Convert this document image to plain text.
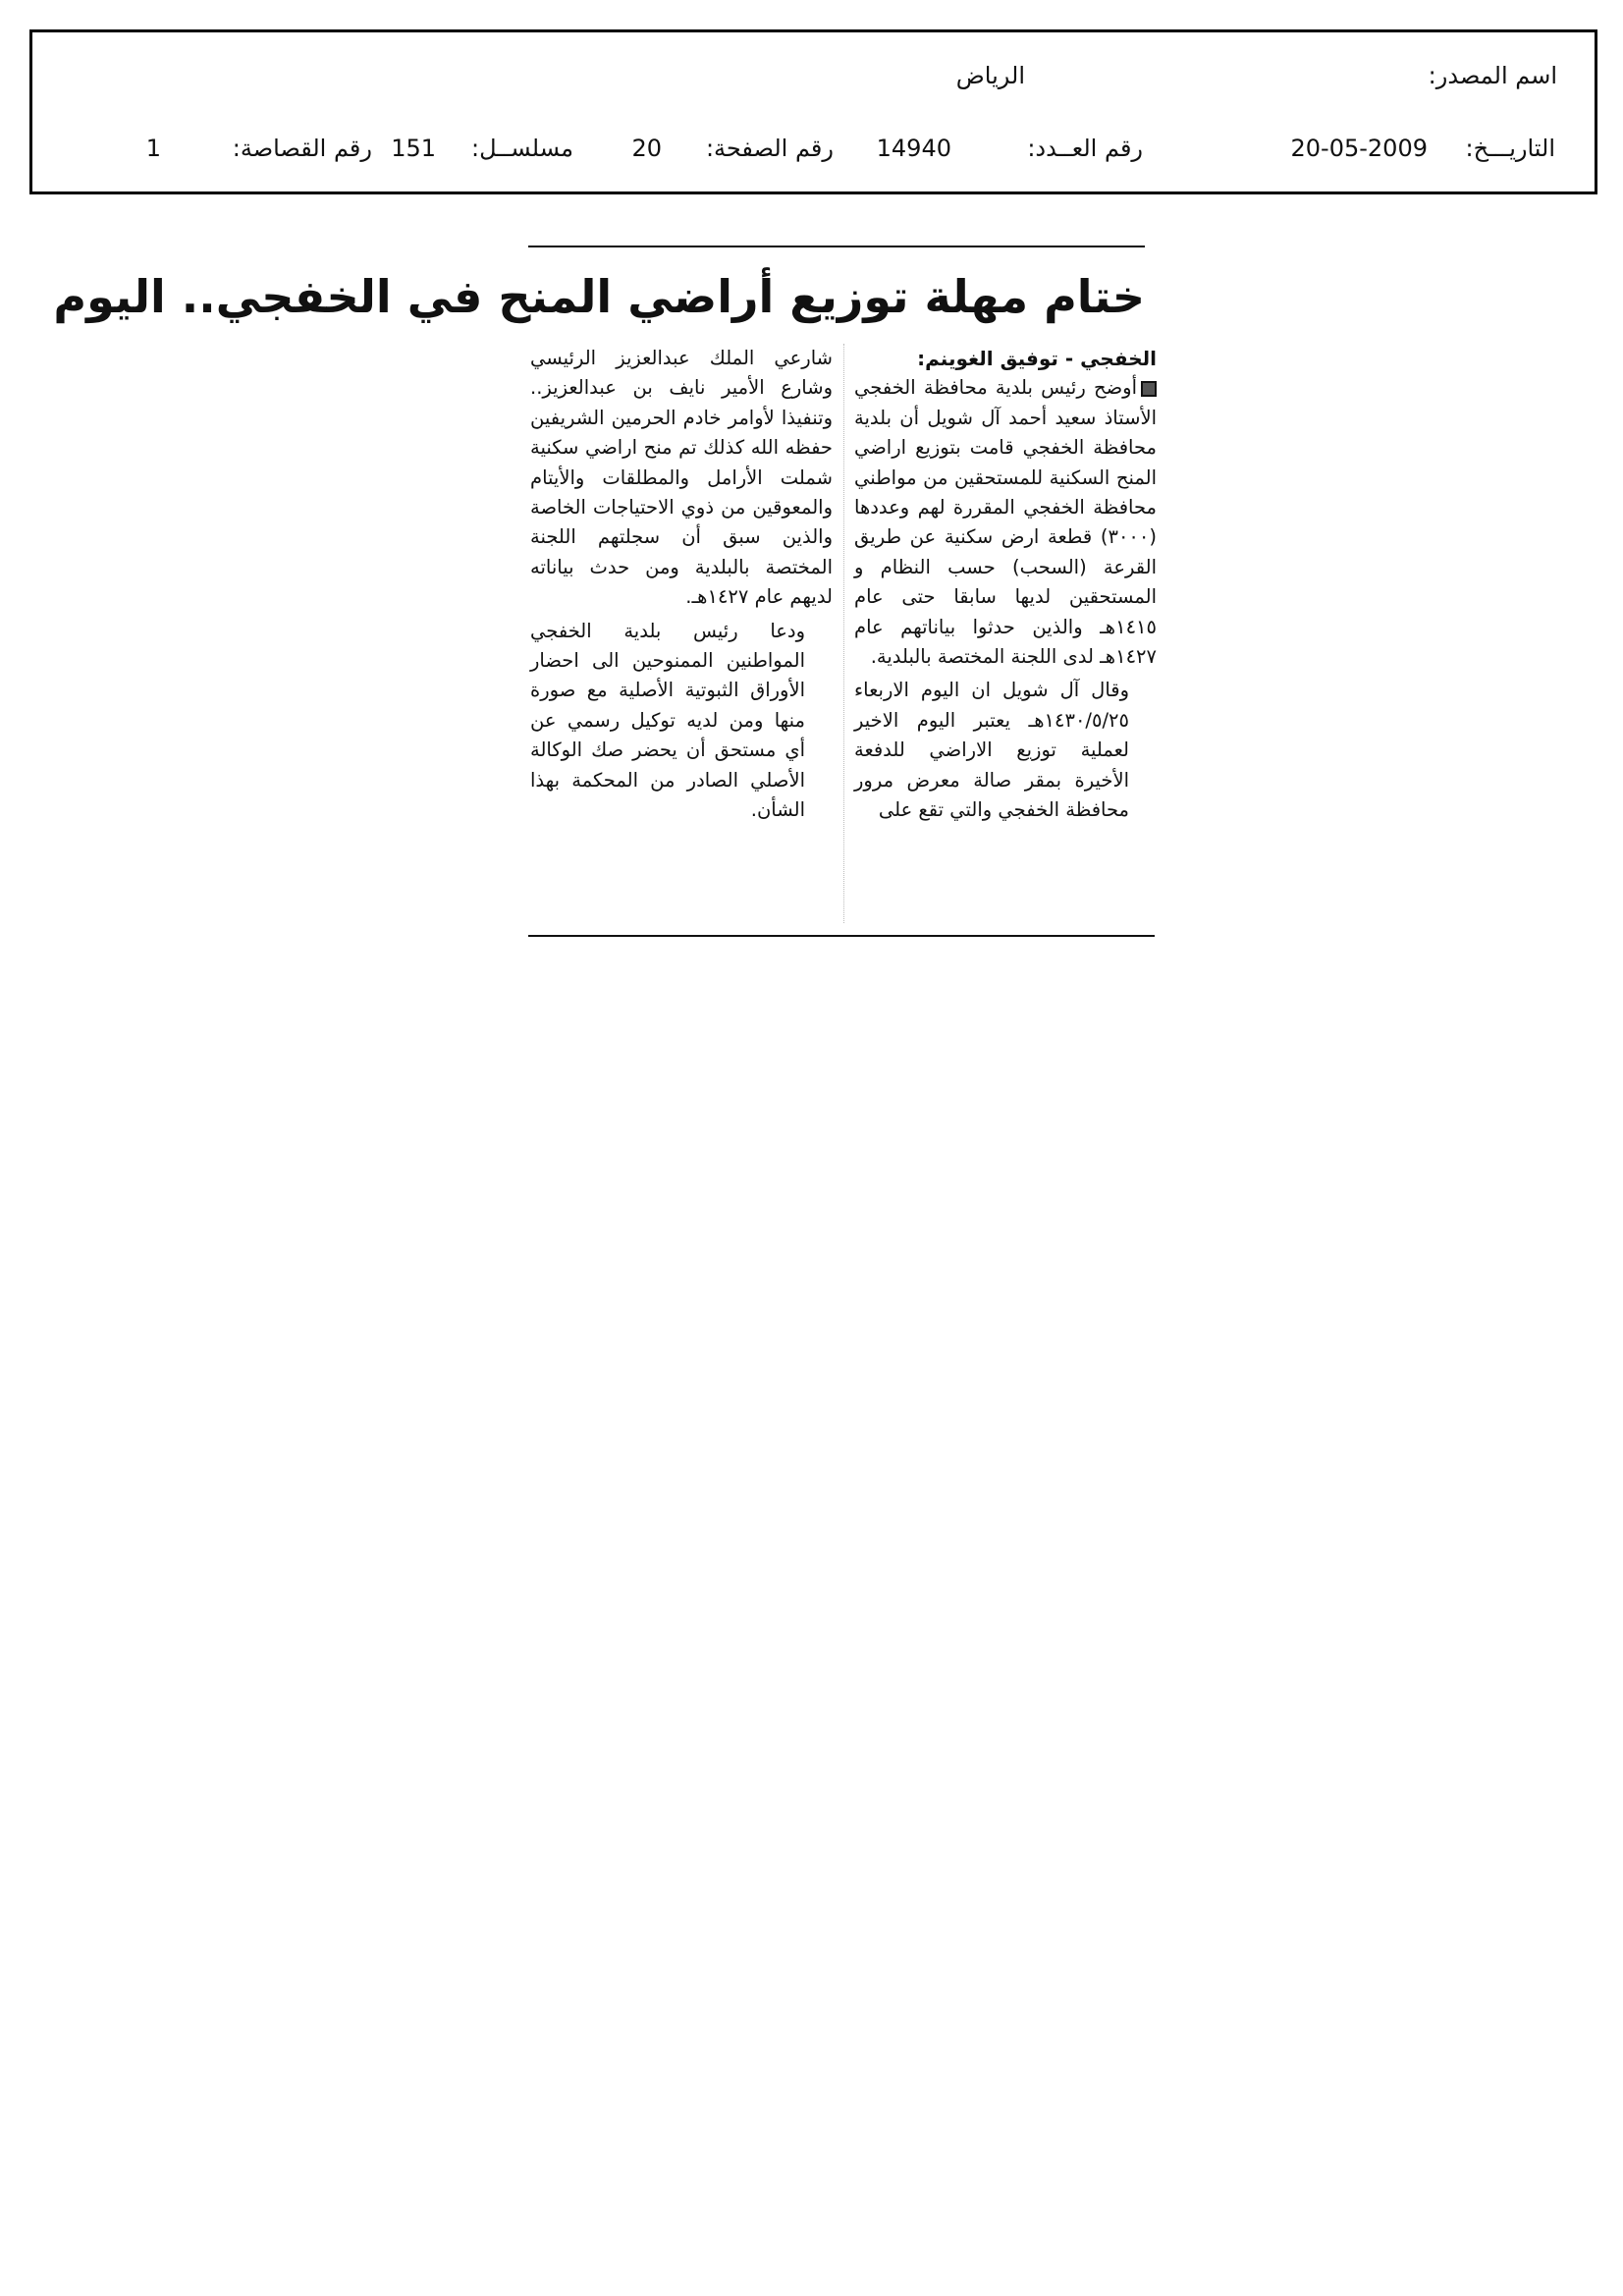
اسم المصدر:
الرياض
التاريـــخ:
20-05-2009
رقم العــدد:
14940
رقم الصفحة:
20
مسلســل:
151
رقم القصاصة:
1
ختام مهلة توزيع أراضي المنح في الخفجي.. اليوم
الخفجي - توفيق الغوينم:

أوضح رئيس بلدية محافظة الخفجي الأستاذ سعيد أحمد آل شويل أن بلدية محافظة الخفجي قامت بتوزيع اراضي المنح السكنية للمستحقين من مواطني محافظة الخفجي المقررة لهم وعددها (٣٠٠٠) قطعة ارض سكنية عن طريق القرعة (السحب) حسب النظام و المستحقين لديها سابقا حتى عام ١٤١٥هـ والذين حدثوا بياناتهم عام ١٤٢٧هـ لدى اللجنة المختصة بالبلدية.

وقال آل شويل ان اليوم الاربعاء ١٤٣٠/٥/٢٥هـ يعتبر اليوم الاخير لعملية توزيع الاراضي للدفعة الأخيرة بمقر صالة معرض مرور محافظة الخفجي والتي تقع على

شارعي الملك عبدالعزيز الرئيسي وشارع الأمير نايف بن عبدالعزيز.. وتنفيذا لأوامر خادم الحرمين الشريفين حفظه الله كذلك تم منح اراضي سكنية شملت الأرامل والمطلقات والأيتام والمعوقين من ذوي الاحتياجات الخاصة والذين سبق أن سجلتهم اللجنة المختصة بالبلدية ومن حدث بياناته لديهم عام ١٤٢٧هـ.

ودعا رئيس بلدية الخفجي المواطنين الممنوحين الى احضار الأوراق الثبوتية الأصلية مع صورة منها ومن لديه توكيل رسمي عن أي مستحق أن يحضر صك الوكالة الأصلي الصادر من المحكمة بهذا الشأن.
